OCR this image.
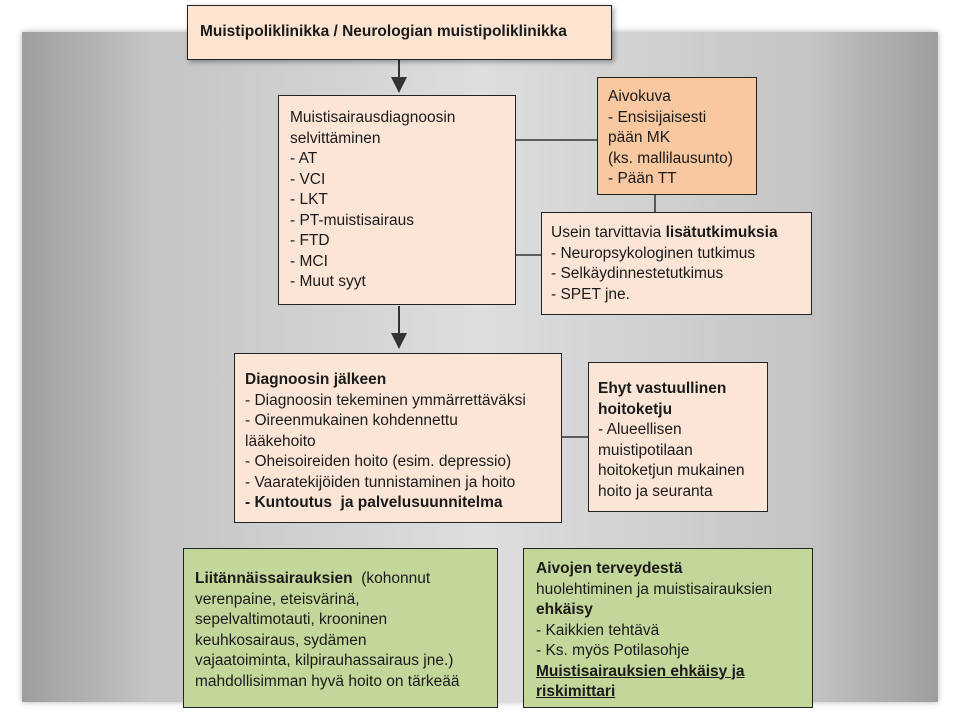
Muistipoliklinikka / Neurologian muistipoliklinikka
Muistisairausdiagnoosin
selvittäminen
- AT
- VCI
- LKT
- PT-muistisairaus
- FTD
- MCI
- Muut syyt
Aivokuva
- Ensisijaisesti
pään MK
(ks. mallilausunto)
- Pään TT
Usein tarvittavia lisätutkimuksia
- Neuropsykologinen tutkimus
- Selkäydinnestetutkimus
- SPET jne.
Diagnoosin jälkeen
- Diagnoosin tekeminen ymmärrettäväksi
- Oireenmukainen kohdennettu
lääkehoito
- Oheisoireiden hoito (esim. depressio)
- Vaaratekijöiden tunnistaminen ja hoito
- Kuntoutus  ja palvelusuunnitelma
Ehyt vastuullinen
hoitoketju
- Alueellisen
muistipotilaan
hoitoketjun mukainen
hoito ja seuranta
Liitännäissairauksien  (kohonnut
verenpaine, eteisvärinä,
sepelvaltimotauti, krooninen
keuhkosairaus, sydämen
vajaatoiminta, kilpirauhassairaus jne.)
mahdollisimman hyvä hoito on tärkeää
Aivojen terveydestä
huolehtiminen ja muistisairauksien
ehkäisy
- Kaikkien tehtävä
- Ks. myös Potilasohje
Muistisairauksien ehkäisy ja
riskimittari
